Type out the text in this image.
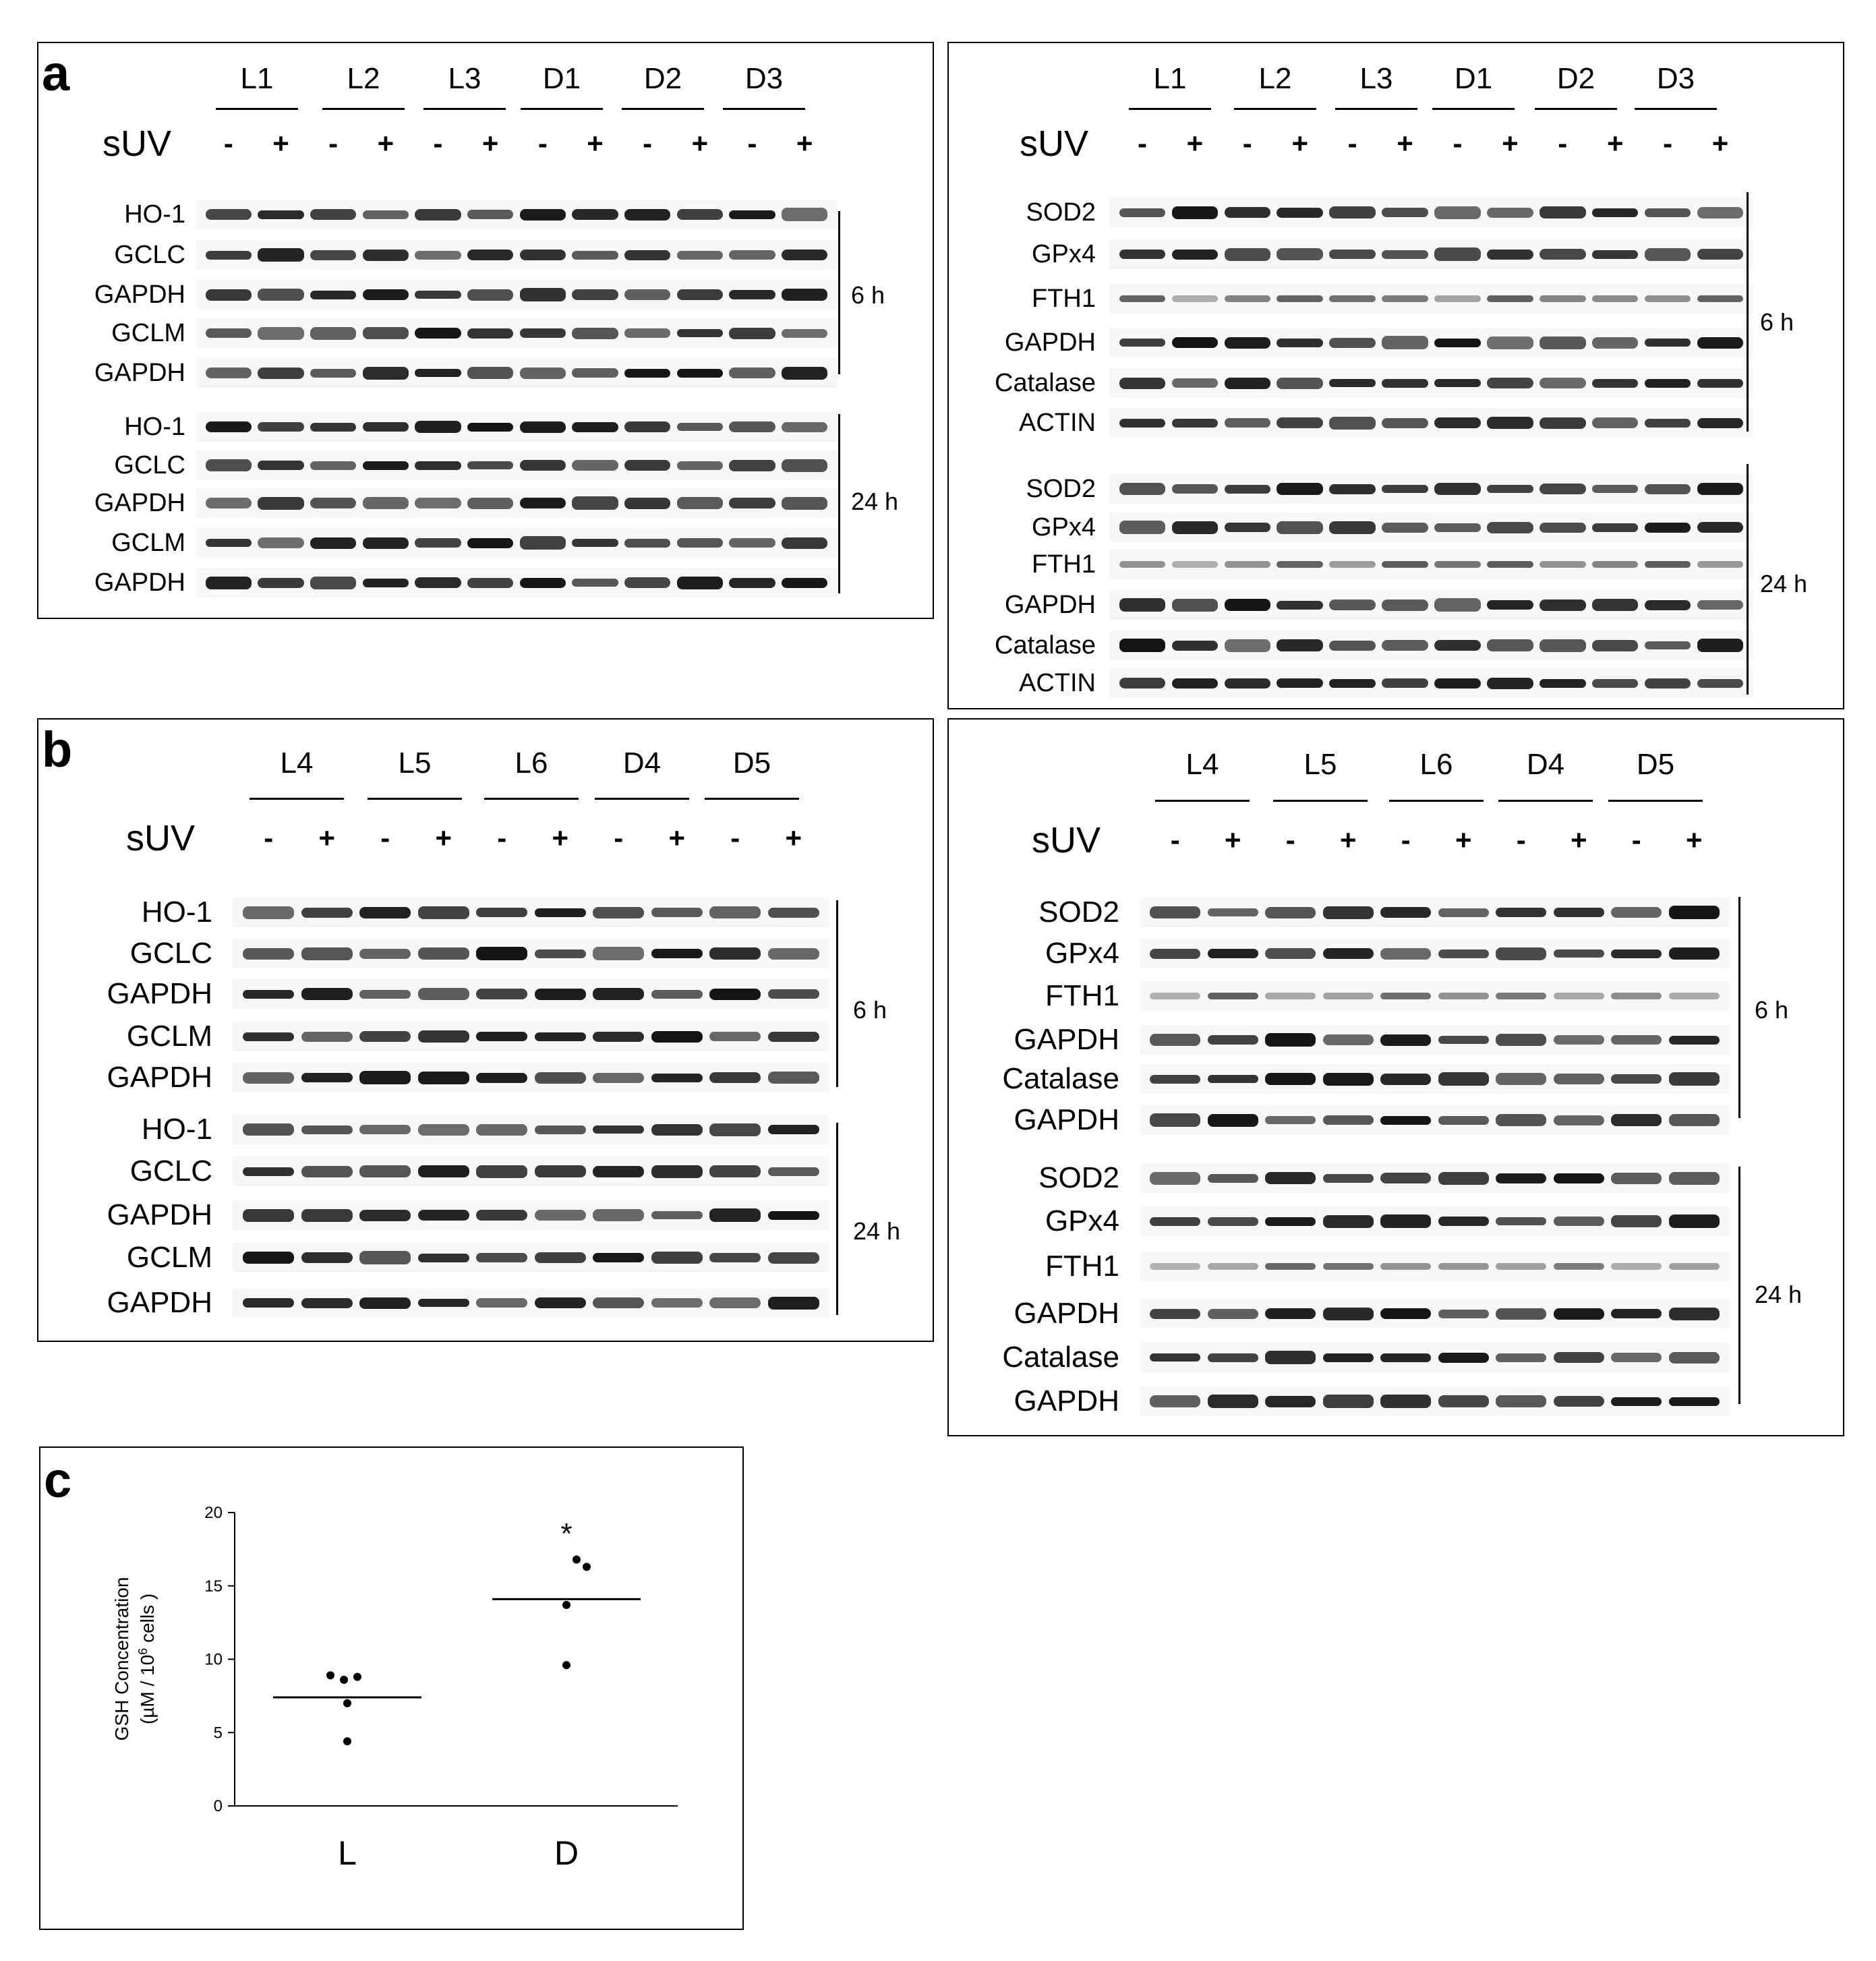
a	L1	L2	L3	D1	D2	D3
sUV	-	+	-	+	-	+	-	+	-	+	-	+
HO-1
GCLC
GAPDH
GCLM
GAPDH
6 h
HO-1
GCLC
GAPDH
GCLM
GAPDH
24 h
L1	L2	L3	D1	D2	D3
sUV	-	+	-	+	-	+	-	+	-	+	-	+
SOD2
GPx4
FTH1
GAPDH
Catalase
ACTIN
6 h
SOD2
GPx4
FTH1
GAPDH
Catalase
ACTIN
24 h
b	L4	L5	L6	D4	D5
sUV	-	+	-	+	-	+	-	+	-	+
HO-1
GCLC
GAPDH
GCLM
GAPDH
6 h
HO-1
GCLC
GAPDH
GCLM
GAPDH
24 h
L4	L5	L6	D4	D5
sUV	-	+	-	+	-	+	-	+	-	+
SOD2
GPx4
FTH1
GAPDH
Catalase
GAPDH
6 h
SOD2
GPx4
FTH1
GAPDH
Catalase
GAPDH
24 h
c
0
5
10
15
20
L	D
GSH Concentration ($\mu M / 10^6$ cells )
*
